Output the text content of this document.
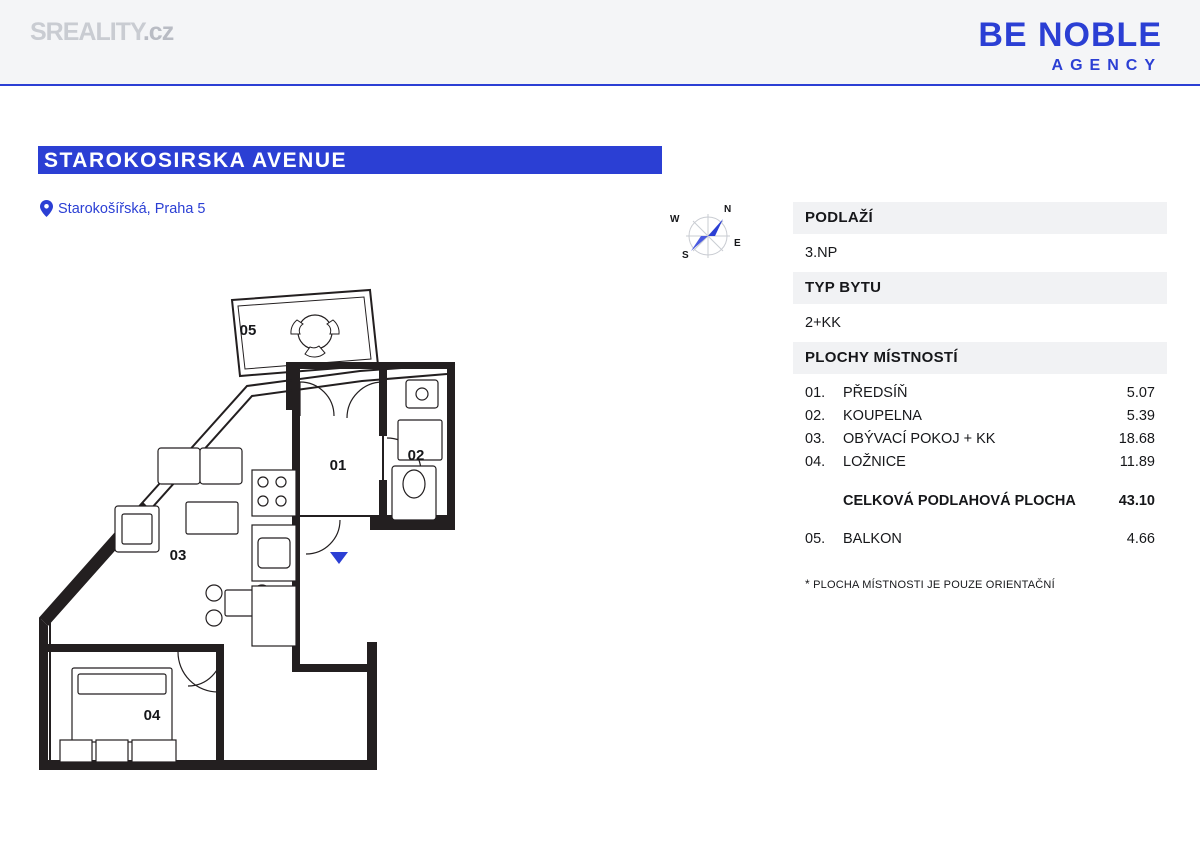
SREALITY.cz	BE NOBLE
AGENCY
STAROKOSIRSKA AVENUE
Starokošířská, Praha 5	N
E
S
W	PODLAŽÍ
3.NP
TYP BYTU
2+KK
PLOCHY MÍSTNOSTÍ
01.	PŘEDSÍŇ	5.07
02.	KOUPELNA	5.39
03.	OBÝVACÍ POKOJ + KK	18.68
04.	LOŽNICE	11.89
CELKOVÁ PODLAHOVÁ PLOCHA	43.10
05.	BALKON	4.66
* PLOCHA MÍSTNOSTI JE POUZE ORIENTAČNÍ
05
01
02
03
04
